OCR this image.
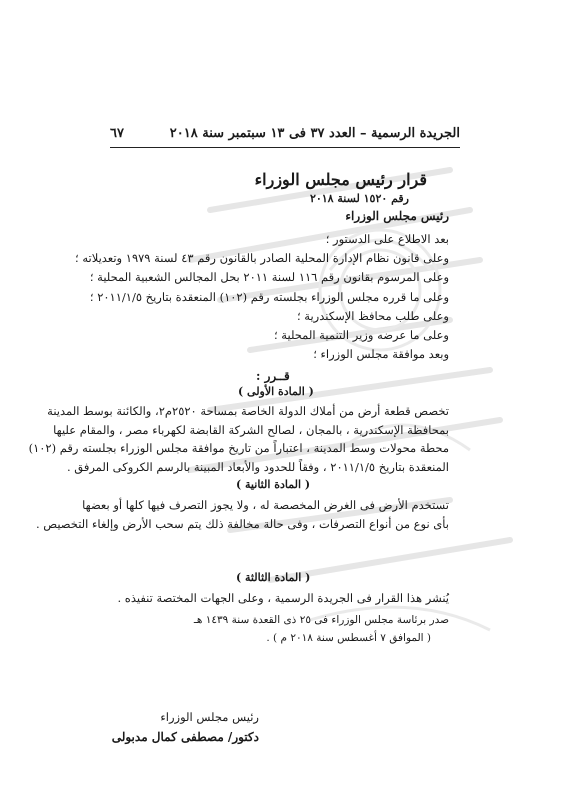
الجريدة الرسمية – العدد ٣٧ فى ١٣ سبتمبر سنة ٢٠١٨
٦٧
قرار رئيس مجلس الوزراء
رقم ١٥٢٠ لسنة ٢٠١٨
رئيس مجلس الوزراء
بعد الاطلاع على الدستور ؛
وعلى قانون نظام الإدارة المحلية الصادر بالقانون رقم ٤٣ لسنة ١٩٧٩ وتعديلاته ؛
وعلى المرسوم بقانون رقم ١١٦ لسنة ٢٠١١ بحل المجالس الشعبية المحلية ؛
وعلى ما قرره مجلس الوزراء بجلسته رقم (١٠٢) المنعقدة بتاريخ ٢٠١١/١/٥ ؛
وعلى طلب محافظ الإسكندرية ؛
وعلى ما عرضه وزير التنمية المحلية ؛
وبعد موافقة مجلس الوزراء ؛
قــرر :
( المادة الأولى )
تخصص قطعة أرض من أملاك الدولة الخاصة بمساحة ٢٥٢٠م٢، والكائنة بوسط المدينة
بمحافظة الإسكندرية ، بالمجان ، لصالح الشركة القابضة لكهرباء مصر ، والمقام عليها
محطة محولات وسط المدينة ، اعتباراً من تاريخ موافقة مجلس الوزراء بجلسته رقم (١٠٢)
المنعقدة بتاريخ ٢٠١١/١/٥ ، وفقاً للحدود والأبعاد المبينة بالرسم الكروكى المرفق .
( المادة الثانية )
تستخدم الأرض فى الغرض المخصصة له ، ولا يجوز التصرف فيها كلها أو بعضها
بأى نوع من أنواع التصرفات ، وفى حالة مخالفة ذلك يتم سحب الأرض وإلغاء التخصيص .
( المادة الثالثة )
يُنشر هذا القرار فى الجريدة الرسمية ، وعلى الجهات المختصة تنفيذه .
صدر برئاسة مجلس الوزراء فى ٢٥ ذى القعدة سنة ١٤٣٩ هـ
( الموافق ٧ أغسطس سنة ٢٠١٨ م ) .
رئيس مجلس الوزراء
دكتور/ مصطفى كمال مدبولى
